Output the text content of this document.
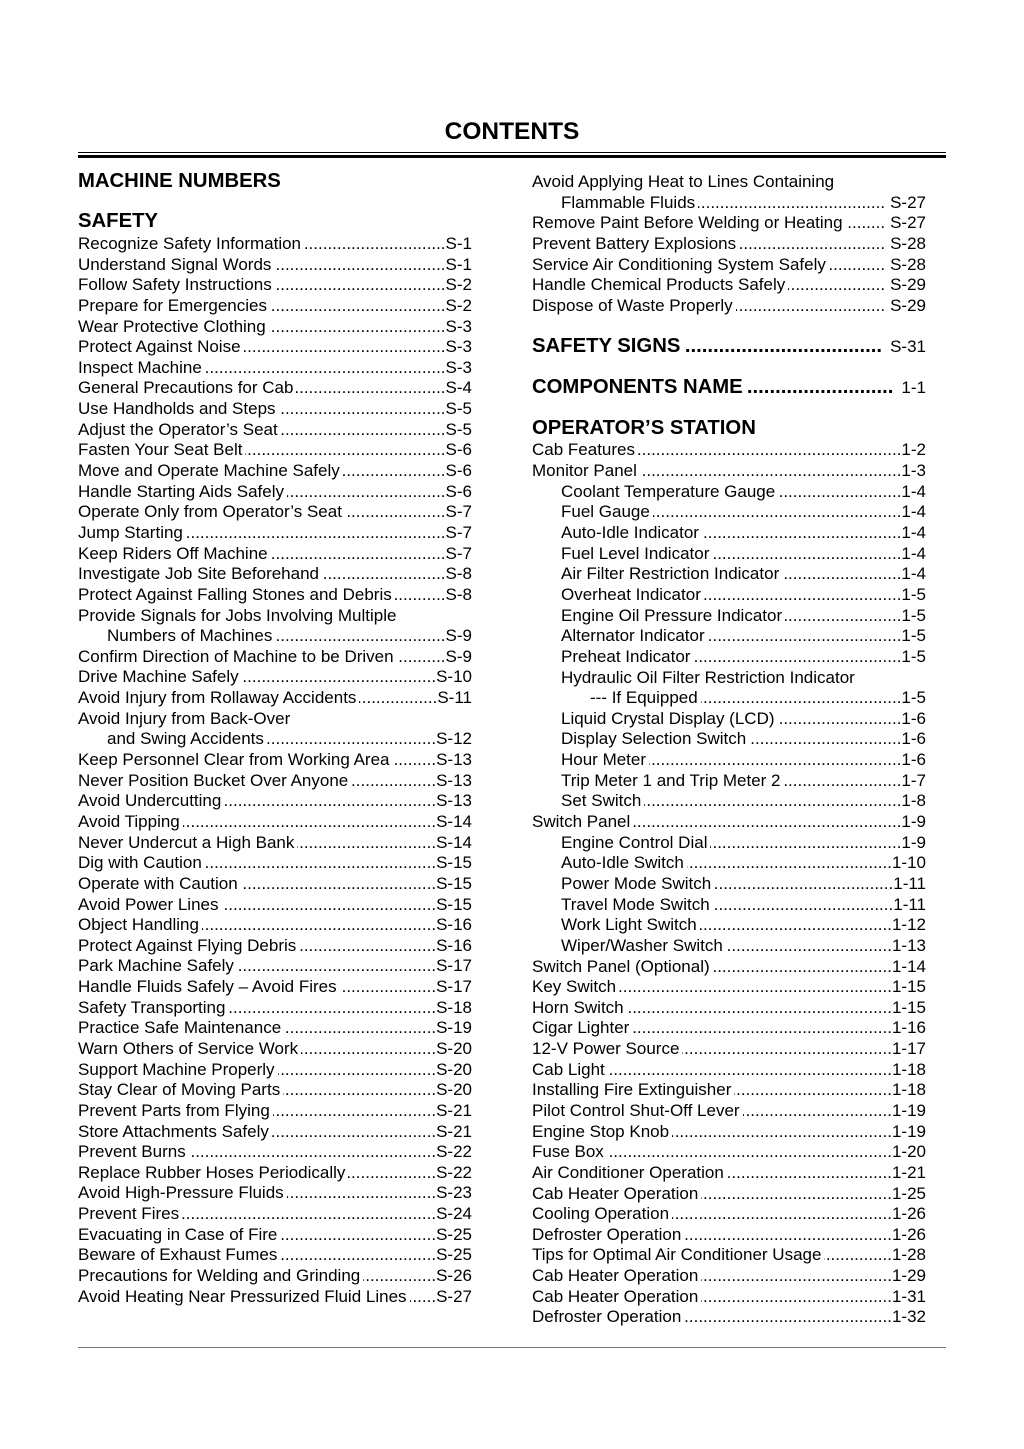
CONTENTS
MACHINE NUMBERS
SAFETY
Recognize Safety Information .....	S-1
Understand Signal Words .....	S-1
Follow Safety Instructions .....	S-2
Prepare for Emergencies .....	S-2
Wear Protective Clothing .....	S-3
Protect Against Noise .....	S-3
Inspect Machine .....	S-3
General Precautions for Cab .....	S-4
Use Handholds and Steps .....	S-5
Adjust the Operator’s Seat .....	S-5
Fasten Your Seat Belt .....	S-6
Move and Operate Machine Safely .....	S-6
Handle Starting Aids Safely .....	S-6
Operate Only from Operator’s Seat .....	S-7
Jump Starting .....	S-7
Keep Riders Off Machine .....	S-7
Investigate Job Site Beforehand .....	S-8
Protect Against Falling Stones and Debris .....	S-8
Provide Signals for Jobs Involving Multiple
Numbers of Machines .....	S-9
Confirm Direction of Machine to be Driven .....	S-9
Drive Machine Safely .....	S-10
Avoid Injury from Rollaway Accidents .....	S-11
Avoid Injury from Back-Over
and Swing Accidents .....	S-12
Keep Personnel Clear from Working Area .....	S-13
Never Position Bucket Over Anyone .....	S-13
Avoid Undercutting .....	S-13
Avoid Tipping .....	S-14
Never Undercut a High Bank .....	S-14
Dig with Caution .....	S-15
Operate with Caution .....	S-15
Avoid Power Lines .....	S-15
Object Handling .....	S-16
Protect Against Flying Debris .....	S-16
Park Machine Safely .....	S-17
Handle Fluids Safely – Avoid Fires .....	S-17
Safety Transporting .....	S-18
Practice Safe Maintenance .....	S-19
Warn Others of Service Work .....	S-20
Support Machine Properly .....	S-20
Stay Clear of Moving Parts .....	S-20
Prevent Parts from Flying .....	S-21
Store Attachments Safely .....	S-21
Prevent Burns .....	S-22
Replace Rubber Hoses Periodically .....	S-22
Avoid High-Pressure Fluids .....	S-23
Prevent Fires .....	S-24
Evacuating in Case of Fire .....	S-25
Beware of Exhaust Fumes .....	S-25
Precautions for Welding and Grinding .....	S-26
Avoid Heating Near Pressurized Fluid Lines ..... S-27
Avoid Applying Heat to Lines Containing
Flammable Fluids .....	S-27
Remove Paint Before Welding or Heating .....	S-27
Prevent Battery Explosions .....	S-28
Service Air Conditioning System Safely .....	S-28
Handle Chemical Products Safely .....	S-29
Dispose of Waste Properly .....	S-29
SAFETY SIGNS .....	S-31
COMPONENTS NAME .....	1-1
OPERATOR’S STATION
Cab Features .....	1-2
Monitor Panel .....	1-3
Coolant Temperature Gauge .....	1-4
Fuel Gauge .....	1-4
Auto-Idle Indicator .....	1-4
Fuel Level Indicator .....	1-4
Air Filter Restriction Indicator .....	1-4
Overheat Indicator .....	1-5
Engine Oil Pressure Indicator .....	1-5
Alternator Indicator .....	1-5
Preheat Indicator .....	1-5
Hydraulic Oil Filter Restriction Indicator
--- If Equipped .....	1-5
Liquid Crystal Display (LCD) .....	1-6
Display Selection Switch .....	1-6
Hour Meter .....	1-6
Trip Meter 1 and Trip Meter 2 .....	1-7
Set Switch .....	1-8
Switch Panel .....	1-9
Engine Control Dial .....	1-9
Auto-Idle Switch .....	1-10
Power Mode Switch .....	1-11
Travel Mode Switch .....	1-11
Work Light Switch .....	1-12
Wiper/Washer Switch .....	1-13
Switch Panel (Optional) .....	1-14
Key Switch .....	1-15
Horn Switch .....	1-15
Cigar Lighter .....	1-16
12-V Power Source .....	1-17
Cab Light .....	1-18
Installing Fire Extinguisher .....	1-18
Pilot Control Shut-Off Lever .....	1-19
Engine Stop Knob .....	1-19
Fuse Box .....	1-20
Air Conditioner Operation .....	1-21
Cab Heater Operation .....	1-25
Cooling Operation .....	1-26
Defroster Operation .....	1-26
Tips for Optimal Air Conditioner Usage .....	1-28
Cab Heater Operation .....	1-29
Cab Heater Operation .....	1-31
Defroster Operation .....	1-32
